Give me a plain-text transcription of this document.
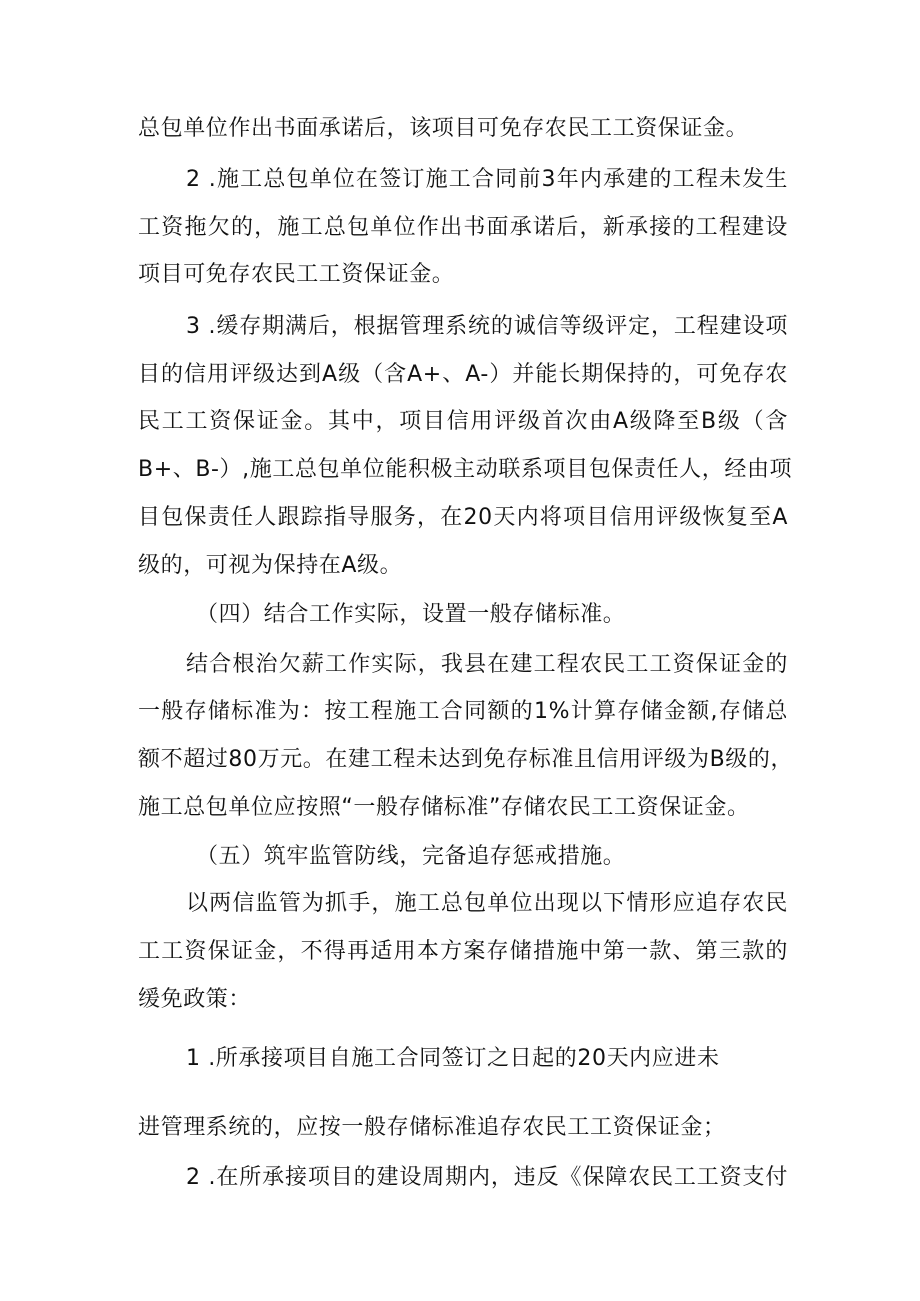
总包单位作出书面承诺后，该项目可免存农民工工资保证金。
2 .施工总包单位在签订施工合同前3年内承建的工程未发生
工资拖欠的，施工总包单位作出书面承诺后，新承接的工程建设
项目可免存农民工工资保证金。
3 .缓存期满后，根据管理系统的诚信等级评定，工程建设项
目的信用评级达到A级（含A+、A-）并能长期保持的，可免存农
民工工资保证金。其中，项目信用评级首次由A级降至B级（含
B+、B-）,施工总包单位能积极主动联系项目包保责任人，经由项
目包保责任人跟踪指导服务，在20天内将项目信用评级恢复至A
级的，可视为保持在A级。
（四）结合工作实际，设置一般存储标准。
结合根治欠薪工作实际，我县在建工程农民工工资保证金的
一般存储标准为：按工程施工合同额的1%计算存储金额,存储总
额不超过80万元。在建工程未达到免存标准且信用评级为B级的，
施工总包单位应按照“一般存储标准”存储农民工工资保证金。
（五）筑牢监管防线，完备追存惩戒措施。
以两信监管为抓手，施工总包单位出现以下情形应追存农民
工工资保证金，不得再适用本方案存储措施中第一款、第三款的
缓免政策：
1 .所承接项目自施工合同签订之日起的20天内应进未
进管理系统的，应按一般存储标准追存农民工工资保证金；
2 .在所承接项目的建设周期内，违反《保障农民工工资支付
